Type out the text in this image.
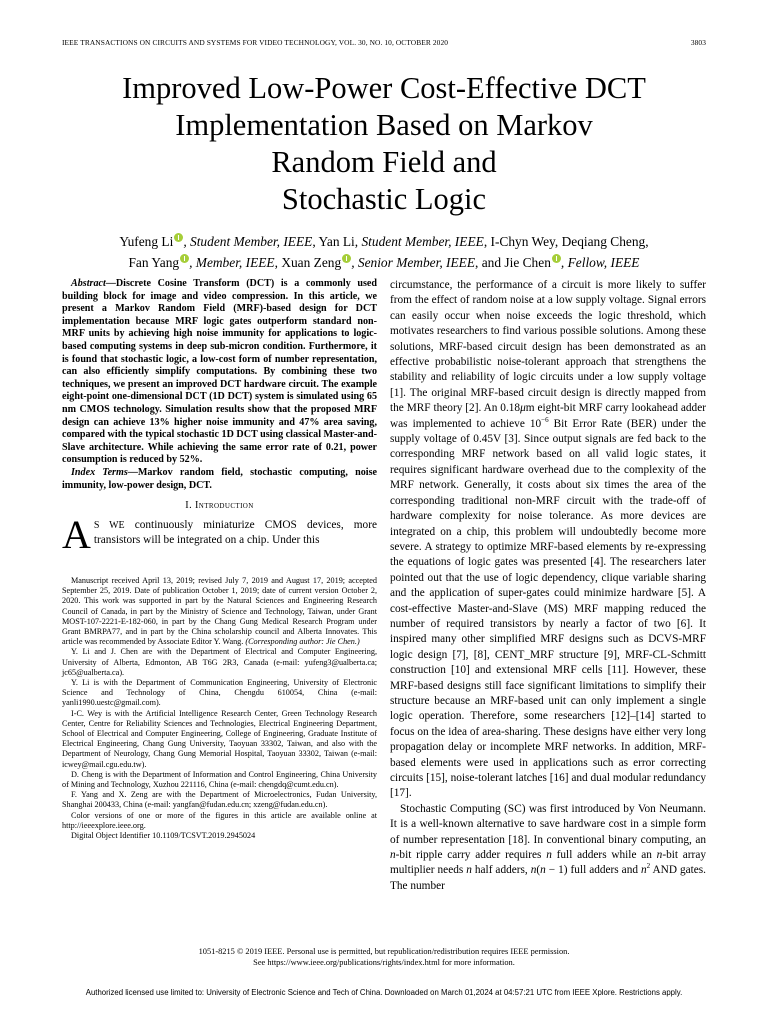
IEEE TRANSACTIONS ON CIRCUITS AND SYSTEMS FOR VIDEO TECHNOLOGY, VOL. 30, NO. 10, OCTOBER 2020	3803
Improved Low-Power Cost-Effective DCT
Implementation Based on Markov
Random Field and
Stochastic Logic
Yufeng Li , Student Member, IEEE, Yan Li, Student Member, IEEE, I-Chyn Wey, Deqiang Cheng,
Fan Yang , Member, IEEE, Xuan Zeng , Senior Member, IEEE, and Jie Chen , Fellow, IEEE

Abstract—Discrete Cosine Transform (DCT) is a commonly used building block for image and video compression. In this article, we present a Markov Random Field (MRF)-based design for DCT implementation because MRF logic gates outperform standard non-MRF units by achieving high noise immunity for applications to logic-based computing systems in deep sub-micron condition. Furthermore, it is found that stochastic logic, a low-cost form of number representation, can also efficiently simplify computations. By combining these two techniques, we present an improved DCT hardware circuit. The example eight-point one-dimensional DCT (1D DCT) system is simulated using 65 nm CMOS technology. Simulation results show that the proposed MRF design can achieve 13% higher noise immunity and 47% area saving, compared with the typical stochastic 1D DCT using classical Master-and-Slave architecture. While achieving the same error rate of 0.21, power consumption is reduced by 52%.

Index Terms—Markov random field, stochastic computing, noise immunity, low-power design, DCT.

I. Introduction

AS WE continuously miniaturize CMOS devices, more transistors will be integrated on a chip. Under this

Manuscript received April 13, 2019; revised July 7, 2019 and August 17, 2019; accepted September 25, 2019. Date of publication October 1, 2019; date of current version October 2, 2020. This work was supported in part by the Natural Sciences and Engineering Research Council of Canada, in part by the Ministry of Science and Technology, Taiwan, under Grant MOST-107-2221-E-182-060, in part by the Chang Gung Medical Research Program under Grant BMRPA77, and in part by the China scholarship council and Alberta Innovates. This article was recommended by Associate Editor Y. Wang. (Corresponding author: Jie Chen.)

Y. Li and J. Chen are with the Department of Electrical and Computer Engineering, University of Alberta, Edmonton, AB T6G 2R3, Canada (e-mail: yufeng3@ualberta.ca; jc65@ualberta.ca).

Y. Li is with the Department of Communication Engineering, University of Electronic Science and Technology of China, Chengdu 610054, China (e-mail: yanli1990.uestc@gmail.com).

I-C. Wey is with the Artificial Intelligence Research Center, Green Technology Research Center, Centre for Reliability Sciences and Technologies, Electrical Engineering Department, School of Electrical and Computer Engineering, College of Engineering, Graduate Institute of Electrical Engineering, Chang Gung University, Taoyuan 33302, Taiwan, and also with the Department of Neurology, Chang Gung Memorial Hospital, Taoyuan 33302, Taiwan (e-mail: icwey@mail.cgu.edu.tw).

D. Cheng is with the Department of Information and Control Engineering, China University of Mining and Technology, Xuzhou 221116, China (e-mail: chengdq@cumt.edu.cn).

F. Yang and X. Zeng are with the Department of Microelectronics, Fudan University, Shanghai 200433, China (e-mail: yangfan@fudan.edu.cn; xzeng@fudan.edu.cn).

Color versions of one or more of the figures in this article are available online at http://ieeexplore.ieee.org.

Digital Object Identifier 10.1109/TCSVT.2019.2945024

circumstance, the performance of a circuit is more likely to suffer from the effect of random noise at a low supply voltage. Signal errors can easily occur when noise exceeds the logic threshold, which motivates researchers to find various possible solutions. Among these solutions, MRF-based circuit design has been demonstrated as an effective probabilistic noise-tolerant approach that strengthens the stability and reliability of logic circuits under a low supply voltage [1]. The original MRF-based circuit design is directly mapped from the MRF theory [2]. An 0.18μm eight-bit MRF carry lookahead adder was implemented to achieve $10^{-6}$ Bit Error Rate (BER) under the supply voltage of 0.45V [3]. Since output signals are fed back to the corresponding MRF network based on all valid logic states, it requires significant hardware overhead due to the complexity of the MRF network. Generally, it costs about six times the area of the corresponding traditional non-MRF circuit with the trade-off of hardware complexity for noise tolerance. As more devices are integrated on a chip, this problem will undoubtedly become more severe. A strategy to optimize MRF-based elements by re-expressing the equations of logic gates was presented [4]. The researchers later pointed out that the use of logic dependency, clique variable sharing and the application of super-gates could minimize hardware [5]. A cost-effective Master-and-Slave (MS) MRF mapping reduced the number of required transistors by nearly a factor of two [6]. It inspired many other simplified MRF designs such as DCVS-MRF logic design [7], [8], CENT_MRF structure [9], MRF-CL-Schmitt construction [10] and extensional MRF cells [11]. However, these MRF-based designs still face significant limitations to simplify their structure because an MRF-based unit can only implement a single logic operation. Therefore, some researchers [12]–[14] started to focus on the idea of area-sharing. These designs have either very long propagation delay or incomplete MRF networks. In addition, MRF-based elements were used in applications such as error correcting circuits [15], noise-tolerant latches [16] and dual modular redundancy [17].

Stochastic Computing (SC) was first introduced by Von Neumann. It is a well-known alternative to save hardware cost in a simple form of number representation [18]. In conventional binary computing, an n-bit ripple carry adder requires n full adders while an n-bit array multiplier needs n half adders, n(n − 1) full adders and $n^2$ AND gates. The number

1051-8215 © 2019 IEEE. Personal use is permitted, but republication/redistribution requires IEEE permission.
See https://www.ieee.org/publications/rights/index.html for more information.
Authorized licensed use limited to: University of Electronic Science and Tech of China. Downloaded on March 01,2024 at 04:57:21 UTC from IEEE Xplore. Restrictions apply.
